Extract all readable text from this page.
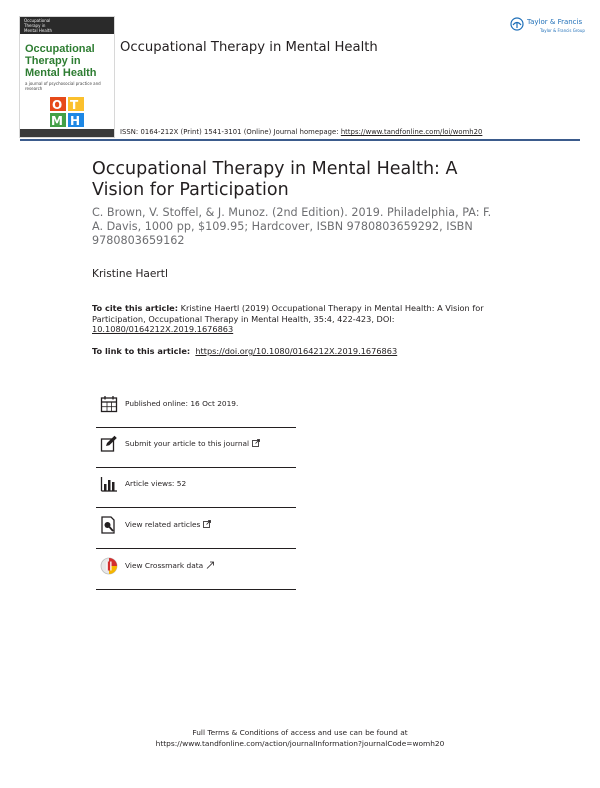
Occupational
Therapy in
Mental Health
Occupational
Therapy in
Mental Health
a journal of psychosocial practice and research
O T
M H
Occupational Therapy in Mental Health
ISSN: 0164-212X (Print) 1541-3101 (Online) Journal homepage: https://www.tandfonline.com/loi/womh20
Taylor & Francis
Taylor & Francis Group
Occupational Therapy in Mental Health: A Vision for Participation
C. Brown, V. Stoffel, & J. Munoz. (2nd Edition). 2019. Philadelphia, PA: F. A. Davis, 1000 pp, $109.95; Hardcover, ISBN 9780803659292, ISBN 9780803659162
Kristine Haertl
To cite this article: Kristine Haertl (2019) Occupational Therapy in Mental Health: A Vision for Participation, Occupational Therapy in Mental Health, 35:4, 422-423, DOI: 10.1080/0164212X.2019.1676863
To link to this article: https://doi.org/10.1080/0164212X.2019.1676863
Published online: 16 Oct 2019.
Submit your article to this journal
Article views: 52
View related articles
View Crossmark data
Full Terms & Conditions of access and use can be found at
https://www.tandfonline.com/action/journalInformation?journalCode=womh20
